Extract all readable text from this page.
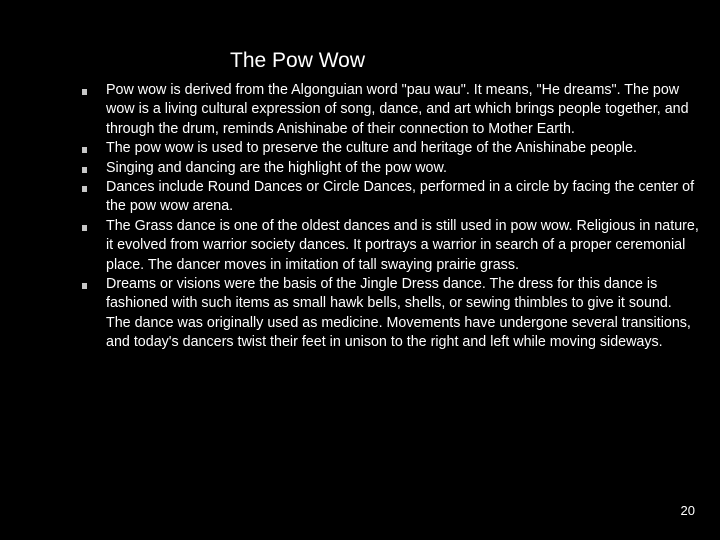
The Pow Wow
Pow wow is derived from the Algonguian word "pau wau". It means, "He dreams". The pow wow is a living cultural expression of song, dance, and art which brings people together, and through the drum, reminds Anishinabe of their connection to Mother Earth.
The pow wow is used to preserve the culture and heritage of the Anishinabe people.
Singing and dancing are the highlight of the pow wow.
Dances include Round Dances or Circle Dances, performed in a circle by facing the center of the pow wow arena.
The Grass dance is one of the oldest dances and is still used in pow wow. Religious in nature, it evolved from warrior society dances. It portrays a warrior in search of a proper ceremonial place. The dancer moves in imitation of tall swaying prairie grass.
Dreams or visions were the basis of the Jingle Dress dance. The dress for this dance is fashioned with such items as small hawk bells, shells, or sewing thimbles to give it sound. The dance was originally used as medicine. Movements have undergone several transitions, and today's dancers twist their feet in unison to the right and left while moving sideways.
20
